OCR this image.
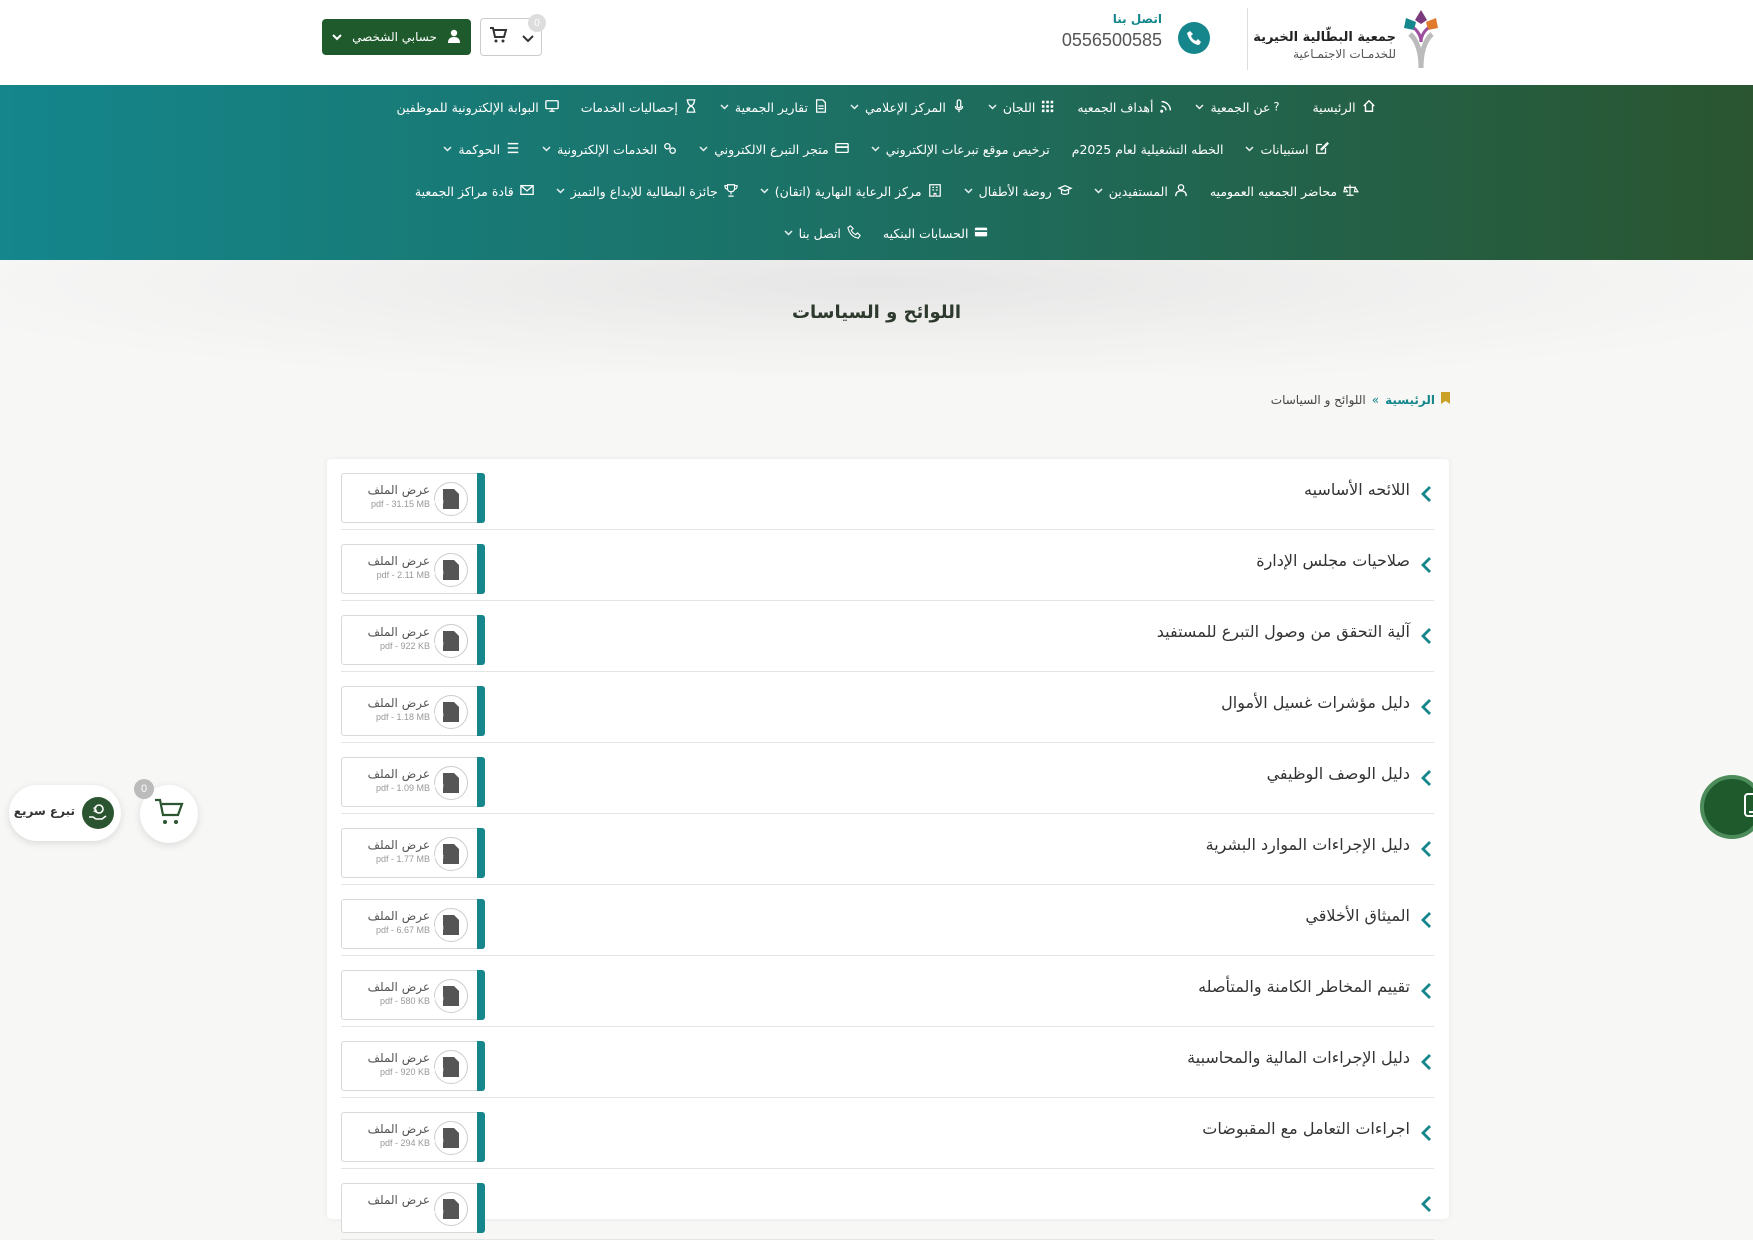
جمعية البطّالية الخيرية
للخدمـات الاجتمـاعية
اتصل بنا
0556500585
0
حسابي الشخصي
الرئيسية
?
عن الجمعية
أهداف الجمعيه
اللجان
المركز الإعلامي
تقارير الجمعية
إحصاليات الخدمات
البوابة الإلكترونية للموظفين
استبيانات
الخطه التشغيلية لعام 2025م
ترخيص موقع تبرعات الإلكتروني
متجر التبرع الالكتروني
الخدمات الإلكترونية
الحوكمة
محاضر الجمعيه العموميه
المستفيدين
روضة الأطفال
مركز الرعاية النهارية (اتقان)
جائزة البطالية للإبداع والتميز
قادة مراكز الجمعية
الحسابات البنكيه
اتصل بنا
اللوائح و السياسات
الرئيسية
»
اللوائح و السياسات
اللائحه الأساسيه
PDF
عرض الملف
pdf - 31.15 MB
صلاحيات مجلس الإدارة
PDF
عرض الملف
pdf - 2.11 MB
آلية التحقق من وصول التبرع للمستفيد
PDF
عرض الملف
pdf - 922 KB
دليل مؤشرات غسيل الأموال
PDF
عرض الملف
pdf - 1.18 MB
دليل الوصف الوظيفي
PDF
عرض الملف
pdf - 1.09 MB
دليل الإجراءات الموارد البشرية
PDF
عرض الملف
pdf - 1.77 MB
الميثاق الأخلاقي
PDF
عرض الملف
pdf - 6.67 MB
تقييم المخاطر الكامنة والمتأصله
PDF
عرض الملف
pdf - 580 KB
دليل الإجراءات المالية والمحاسبية
PDF
عرض الملف
pdf - 920 KB
اجراءات التعامل مع المقبوضات
PDF
عرض الملف
pdf - 294 KB
PDF
عرض الملف
$
تبرع سريع
0
